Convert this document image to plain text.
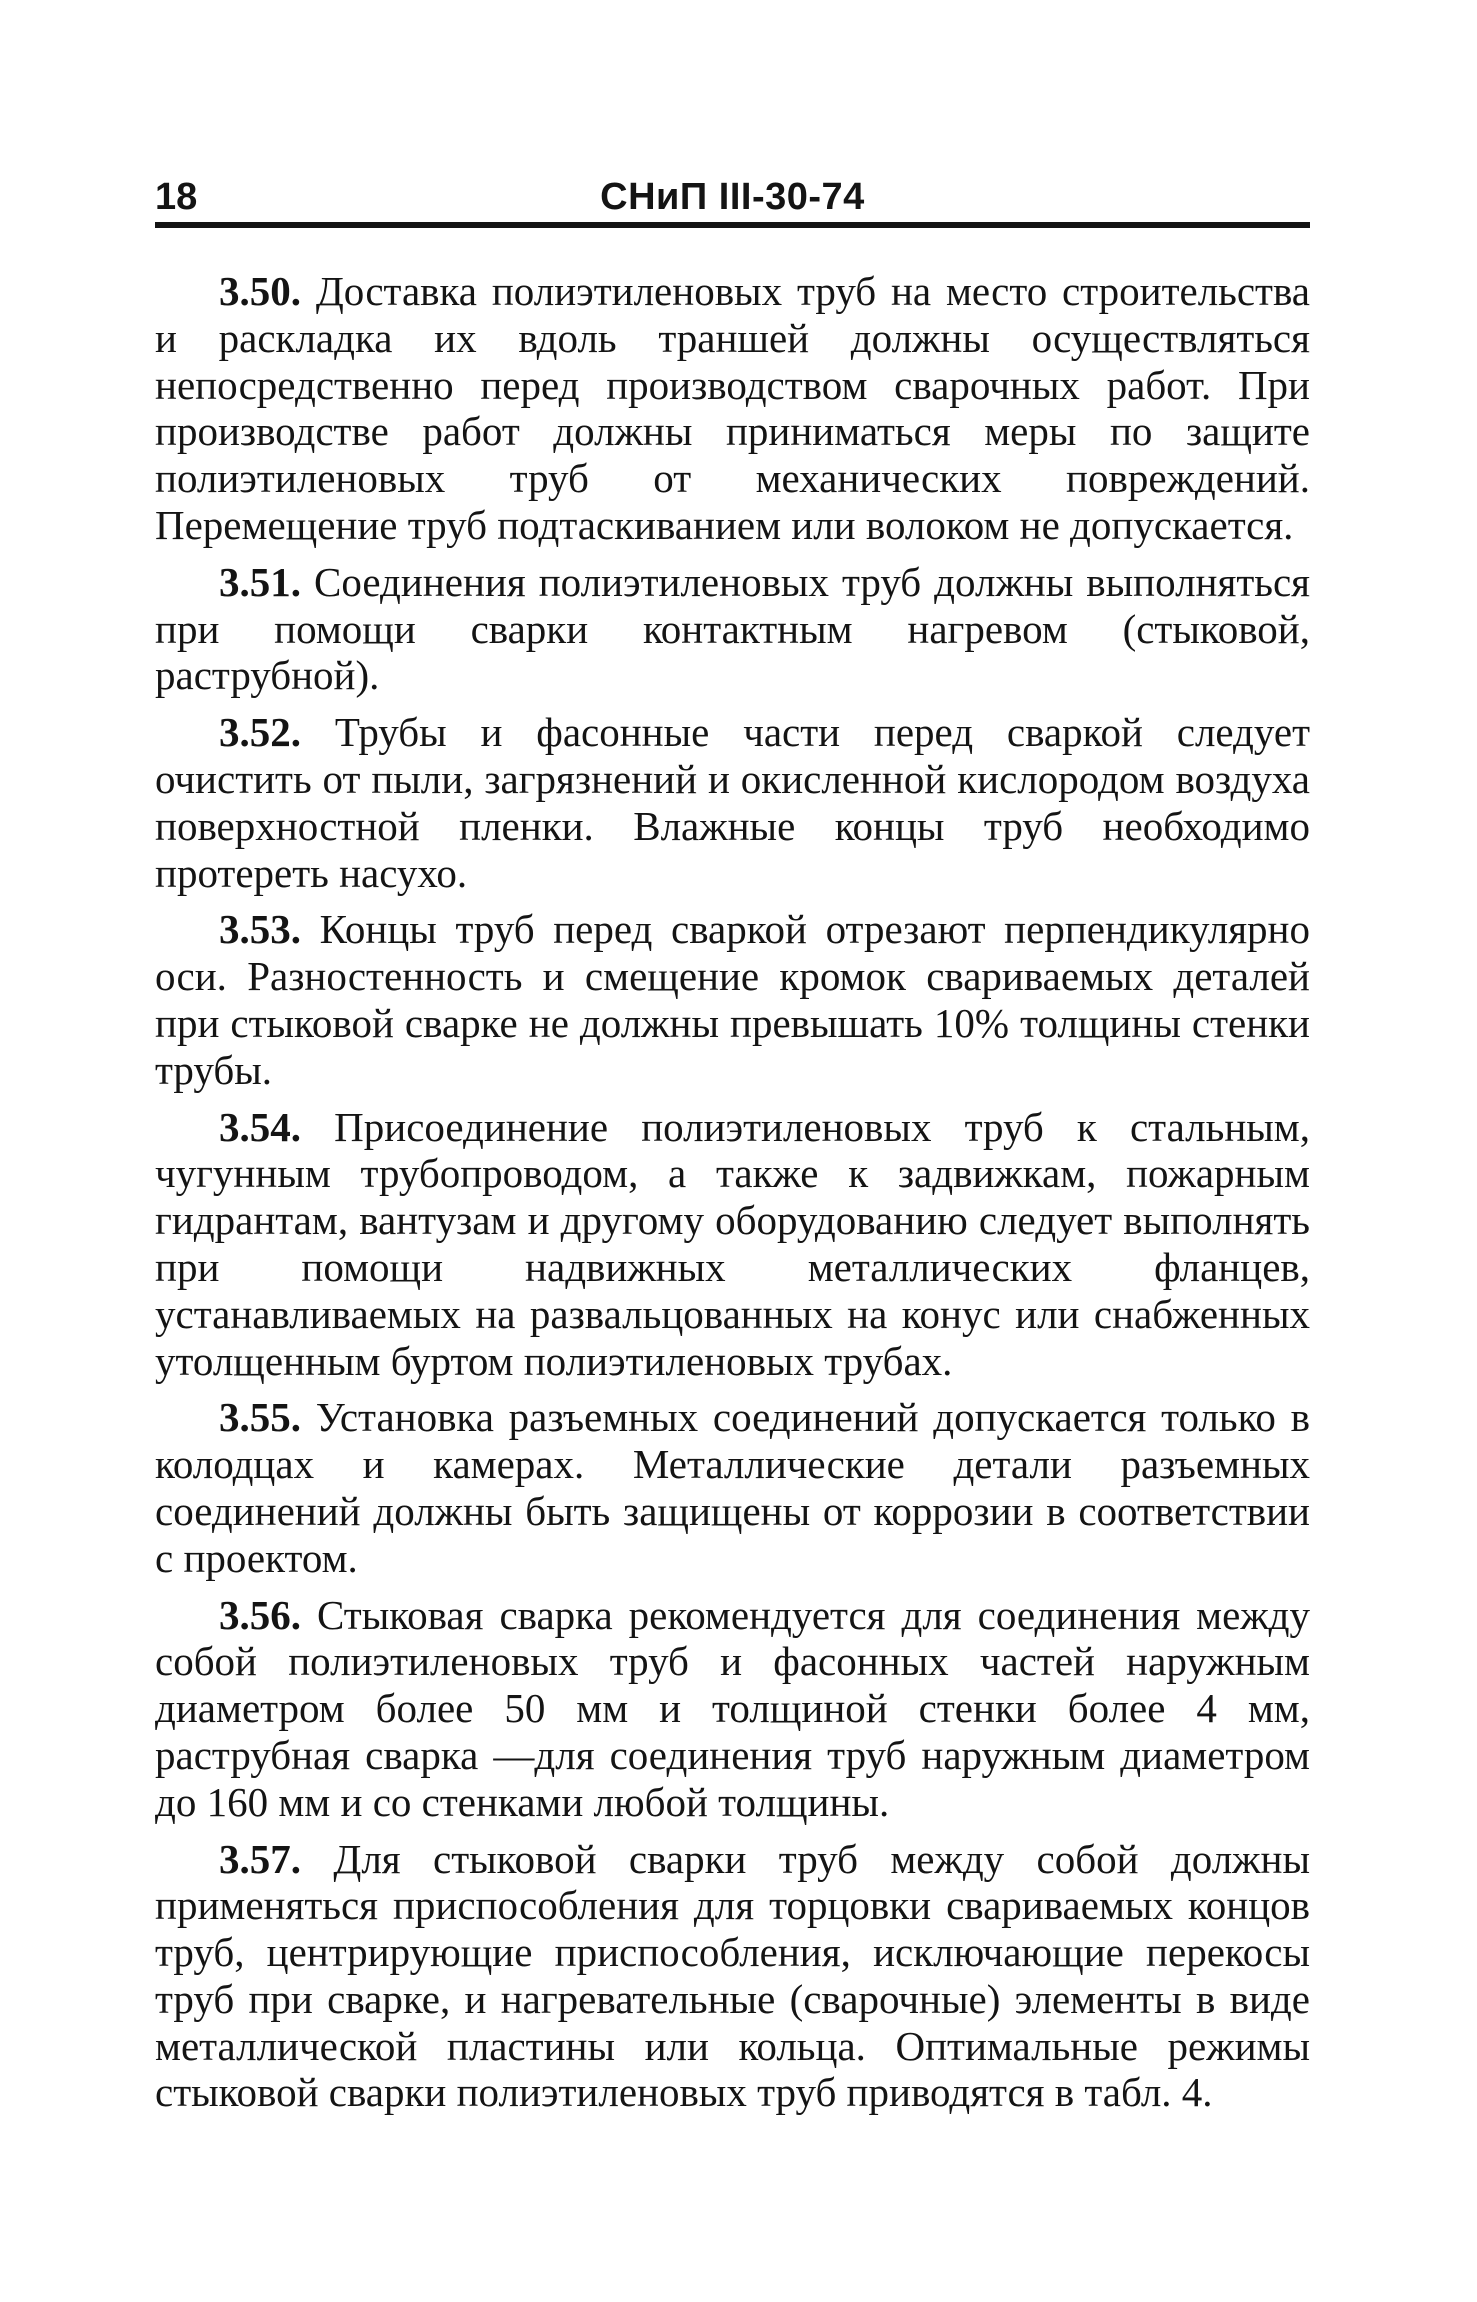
18	СНиП III-30-74

3.50. Доставка полиэтиленовых труб на место строительства и раскладка их вдоль траншей должны осуществляться непосредственно перед производством сварочных работ. При производстве работ должны приниматься меры по защите полиэтиленовых труб от механических повреждений. Перемещение труб подтаскиванием или волоком не допускается.

3.51. Соединения полиэтиленовых труб должны выполняться при помощи сварки контактным нагревом (стыковой, раструбной).

3.52. Трубы и фасонные части перед сваркой следует очистить от пыли, загрязнений и окисленной кислородом воздуха поверхностной пленки. Влажные концы труб необходимо протереть насухо.

3.53. Концы труб перед сваркой отрезают перпендикулярно оси. Разностенность и смещение кромок свариваемых деталей при стыковой сварке не должны превышать 10% толщины стенки трубы.

3.54. Присоединение полиэтиленовых труб к стальным, чугунным трубопроводом, а также к задвижкам, пожарным гидрантам, вантузам и другому оборудованию следует выполнять при помощи надвижных металлических фланцев, устанавливаемых на развальцованных на конус или снабженных утолщенным буртом полиэтиленовых трубах.

3.55. Установка разъемных соединений допускается только в колодцах и камерах. Металлические детали разъемных соединений должны быть защищены от коррозии в соответствии с проектом.

3.56. Стыковая сварка рекомендуется для соединения между собой полиэтиленовых труб и фасонных частей наружным диаметром более 50 мм и толщиной стенки более 4 мм, раструбная сварка —для соединения труб наружным диаметром до 160 мм и со стенками любой толщины.

3.57. Для стыковой сварки труб между собой должны применяться приспособления для торцовки свариваемых концов труб, центрирующие приспособления, исключающие перекосы труб при сварке, и нагревательные (сварочные) элементы в виде металлической пластины или кольца. Оптимальные режимы стыковой сварки полиэтиленовых труб приводятся в табл. 4.
